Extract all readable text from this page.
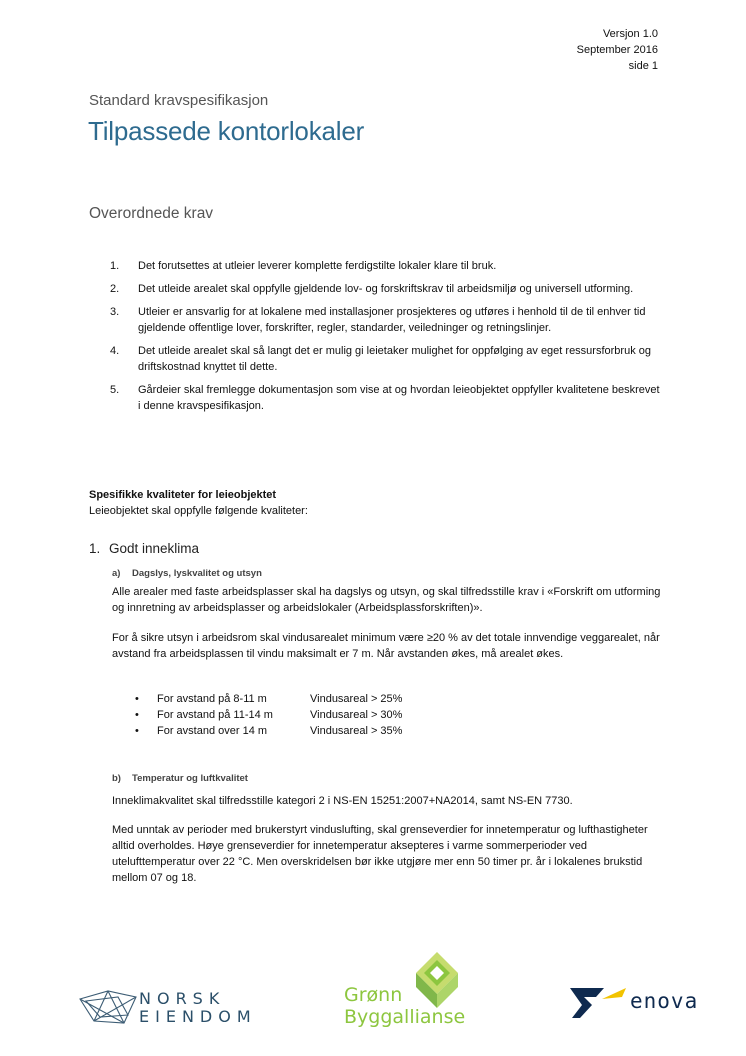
Versjon 1.0
September 2016
side 1
Standard kravspesifikasjon
Tilpassede kontorlokaler
Overordnede krav
1.	Det forutsettes at utleier leverer komplette ferdigstilte lokaler klare til bruk.
2.	Det utleide arealet skal oppfylle gjeldende lov- og forskriftskrav til arbeidsmiljø og universell utforming.
3.	Utleier er ansvarlig for at lokalene med installasjoner prosjekteres og utføres i henhold til de til enhver tid gjeldende offentlige lover, forskrifter, regler, standarder, veiledninger og retningslinjer.
4.	Det utleide arealet skal så langt det er mulig gi leietaker mulighet for oppfølging av eget ressursforbruk og driftskostnad knyttet til dette.
5.	Gårdeier skal fremlegge dokumentasjon som vise at og hvordan leieobjektet oppfyller kvalitetene beskrevet i denne kravspesifikasjon.
Spesifikke kvaliteter for leieobjektet
Leieobjektet skal oppfylle følgende kvaliteter:
1. Godt inneklima
a) Dagslys, lyskvalitet og utsyn

Alle arealer med faste arbeidsplasser skal ha dagslys og utsyn, og skal tilfredsstille krav i «Forskrift om utforming og innretning av arbeidsplasser og arbeidslokaler (Arbeidsplassforskriften)».

For å sikre utsyn i arbeidsrom skal vindusarealet minimum være ≥20 % av det totale innvendige veggarealet, når avstand fra arbeidsplassen til vindu maksimalt er 7 m. Når avstanden økes, må arealet økes.

•	For avstand på 8-11 m	Vindusareal > 25%
•	For avstand på 11-14 m	Vindusareal > 30%
•	For avstand over 14 m	Vindusareal > 35%
b) Temperatur og luftkvalitet

Inneklimakvalitet skal tilfredsstille kategori 2 i NS-EN 15251:2007+NA2014, samt NS-EN 7730.

Med unntak av perioder med brukerstyrt vinduslufting, skal grenseverdier for innetemperatur og lufthastigheter alltid overholdes. Høye grenseverdier for innetemperatur aksepteres i varme sommerperioder ved utelufttemperatur over 22 °C. Men overskridelsen bør ikke utgjøre mer enn 50 timer pr. år i lokalenes brukstid mellom 07 og 18.

NORSK
EIENDOM
Grønn
Byggallianse
enova
